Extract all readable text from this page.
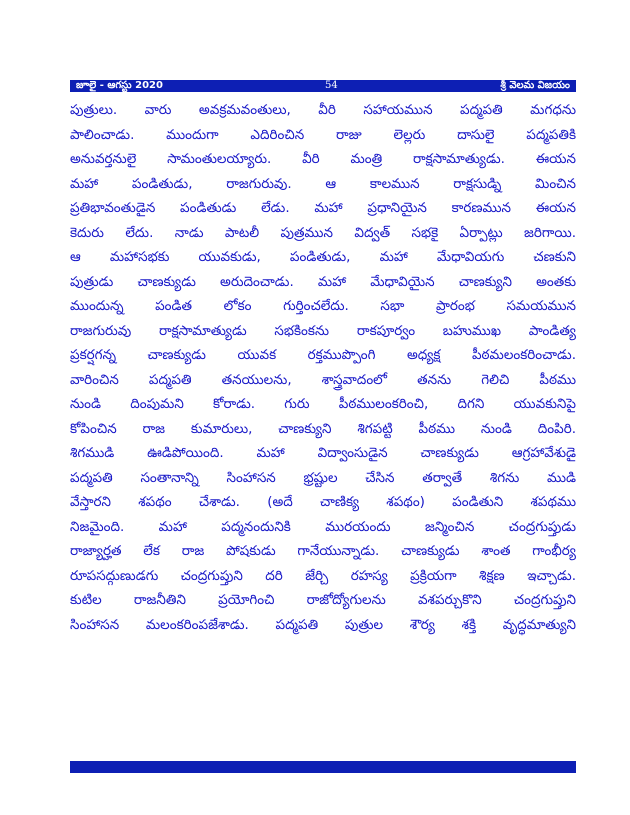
జూలై - ఆగస్టు 2020	54	శ్రీ వెలమ విజయం
పుత్రులు. వారు అవక్రమవంతులు, వీరి సహాయమున పద్మపతి మగధను
పాలించాడు. ముందుగా ఎదిరించిన రాజు లెల్లరు దాసులై పద్మపతికి
అనువర్తనులై సామంతులయ్యారు. వీరి మంత్రి రాక్షసామాత్యుడు. ఈయన
మహా పండితుడు, రాజగురువు. ఆ కాలమున రాక్షసుడ్ని మించిన
ప్రతిభావంతుడైన పండితుడు లేడు. మహా ప్రధానియైన కారణమున ఈయన
కెదురు లేదు. నాడు పాటలీ పుత్రమున విద్వత్ సభకై ఏర్పాట్లు జరిగాయి.
ఆ మహాసభకు యువకుడు, పండితుడు, మహా మేధావియగు చణకుని
పుత్రుడు చాణక్యుడు అరుదెంచాడు. మహా మేధావియైన చాణక్యుని అంతకు
ముందున్న పండిత లోకం గుర్తించలేదు. సభా ప్రారంభ సమయమున
రాజగురువు రాక్షసామాత్యుడు సభకింకను రాకపూర్వం బహుముఖ పాండిత్య
ప్రకర్షగన్న చాణక్యుడు యువక రక్తముప్పొంగి అధ్యక్ష పీఠమలంకరించాడు.
వారించిన పద్మపతి తనయులను, శాస్త్రవాదంలో తనను గెలిచి పీఠము
నుండి దింపుమని కోరాడు. గురు పీఠములంకరించి, దిగని యువకునిపై
కోపించిన రాజ కుమారులు, చాణక్యుని శిగపట్టి పీఠము నుండి దింపిరి.
శిగముడి ఊడిపోయింది. మహా విద్వాంసుడైన చాణక్యుడు ఆగ్రహావేశుడై
పద్మపతి సంతానాన్ని సింహాసన భ్రష్టుల చేసిన తర్వాతే శిగను ముడి
వేస్తారని శపథం చేశాడు. (అదే చాణిక్య శపథం) పండితుని శపథము
నిజమైంది. మహా పద్మనందునికి మురయందు జన్మించిన చంద్రగుప్తుడు
రాజ్యార్హత లేక రాజ పోషకుడు గానేయున్నాడు. చాణక్యుడు శాంత గాంభీర్య
రూపసద్గుణుడగు చంద్రగుప్తుని దరి జేర్చి రహస్య ప్రక్రియగా శిక్షణ ఇచ్చాడు.
కుటిల రాజనీతిని ప్రయోగించి రాజోద్యోగులను వశపర్చుకొని చంద్రగుప్తుని
సింహాసన మలంకరింపజేశాడు. పద్మపతి పుత్రుల శౌర్య శక్తి వృద్ధమాత్యుని
